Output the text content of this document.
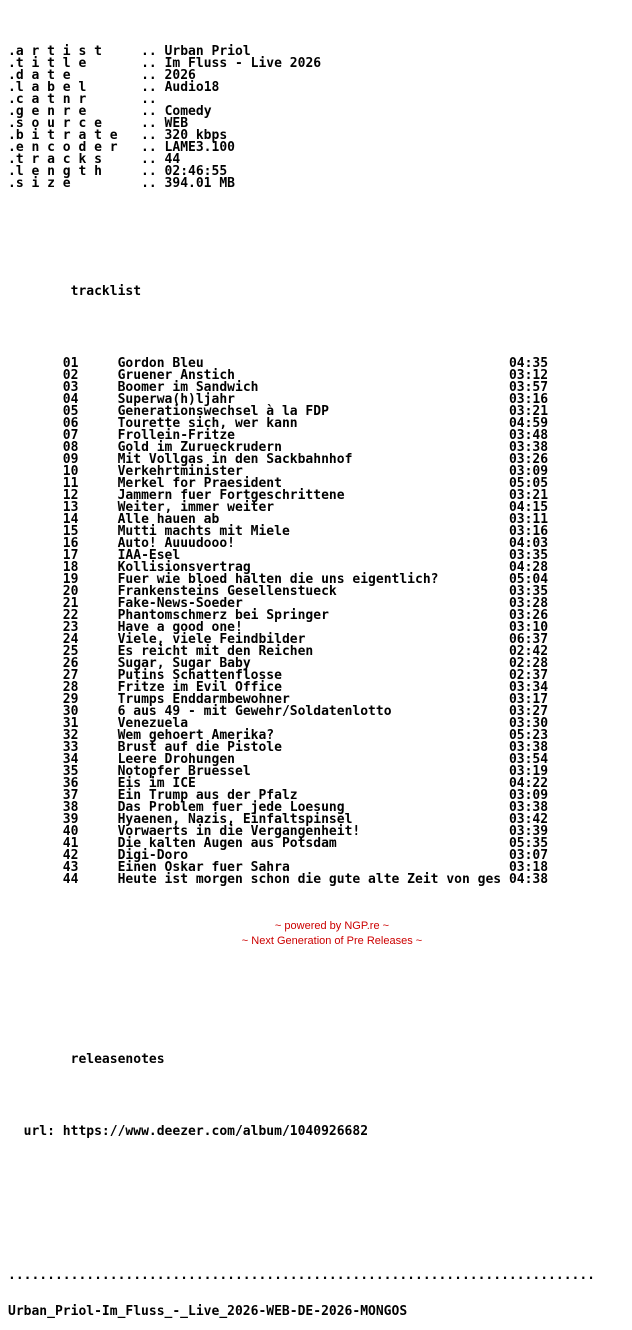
.a r t i s t     .. Urban Priol
.t i t l e       .. Im Fluss - Live 2026
.d a t e         .. 2026
.l a b e l       .. Audio18
.c a t n r       ..
.g e n r e       .. Comedy
.s o u r c e     .. WEB
.b i t r a t e   .. 320 kbps
.e n c o d e r   .. LAME3.100
.t r a c k s     .. 44
.l e n g t h     .. 02:46:55
.s i z e         .. 394.01 MB

tracklist

01	Gordon Bleu	04:35
02	Gruener Anstich	03:12
03	Boomer im Sandwich	03:57
04	Superwa(h)ljahr	03:16
05	Generationswechsel à la FDP	03:21
06	Tourette sich, wer kann	04:59
07	Frollein-Fritze	03:48
08	Gold im Zurueckrudern	03:38
09	Mit Vollgas in den Sackbahnhof	03:26
10	Verkehrtminister	03:09
11	Merkel for Praesident	05:05
12	Jammern fuer Fortgeschrittene	03:21
13	Weiter, immer weiter	04:15
14	Alle hauen ab	03:11
15	Mutti machts mit Miele	03:16
16	Auto! Auuudooo!	04:03
17	IAA-Esel	03:35
18	Kollisionsvertrag	04:28
19	Fuer wie bloed halten die uns eigentlich?	05:04
20	Frankensteins Gesellenstueck	03:35
21	Fake-News-Soeder	03:28
22	Phantomschmerz bei Springer	03:26
23	Have a good one!	03:10
24	Viele, viele Feindbilder	06:37
25	Es reicht mit den Reichen	02:42
26	Sugar, Sugar Baby	02:28
27	Putins Schattenflosse	02:37
28	Fritze im Evil Office	03:34
29	Trumps Enddarmbewohner	03:17
30	6 aus 49 - mit Gewehr/Soldatenlotto	03:27
31	Venezuela	03:30
32	Wem gehoert Amerika?	05:23
33	Brust auf die Pistole	03:38
34	Leere Drohungen	03:54
35	Notopfer Bruessel	03:19
36	Eis im ICE	04:22
37	Ein Trump aus der Pfalz	03:09
38	Das Problem fuer jede Loesung	03:38
39	Hyaenen, Nazis, Einfaltspinsel	03:42
40	Vorwaerts in die Vergangenheit!	03:39
41	Die kalten Augen aus Potsdam	05:35
42	Digi-Doro	03:07
43	Einen Oskar fuer Sahra	03:18
44	Heute ist morgen schon die gute alte Zeit von ges 04:38

releasenotes

url: https://www.deezer.com/album/1040926682

...........................................................................

Urban_Priol-Im_Fluss_-_Live_2026-WEB-DE-2026-MONGOS

~ powered by NGP.re ~
~ Next Generation of Pre Releases ~
